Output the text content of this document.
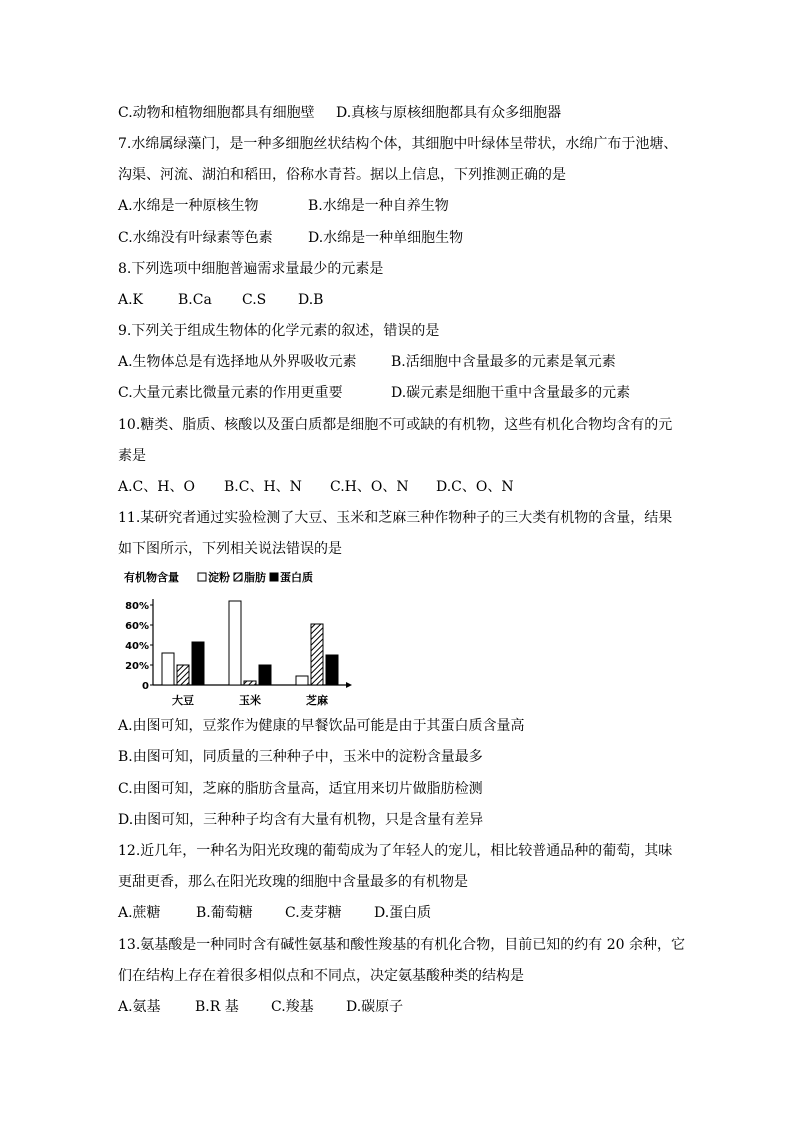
C.动物和植物细胞都具有细胞壁	D.真核与原核细胞都具有众多细胞器
7.水绵属绿藻门，是一种多细胞丝状结构个体，其细胞中叶绿体呈带状，水绵广布于池塘、
沟渠、河流、湖泊和稻田，俗称水青苔。据以上信息，下列推测正确的是
A.水绵是一种原核生物	B.水绵是一种自养生物
C.水绵没有叶绿素等色素	D.水绵是一种单细胞生物
8.下列选项中细胞普遍需求量最少的元素是
A.K	B.Ca	C.S	D.B
9.下列关于组成生物体的化学元素的叙述，错误的是
A.生物体总是有选择地从外界吸收元素	B.活细胞中含量最多的元素是氧元素
C.大量元素比微量元素的作用更重要	D.碳元素是细胞干重中含量最多的元素
10.糖类、脂质、核酸以及蛋白质都是细胞不可或缺的有机物，这些有机化合物均含有的元
素是
A.C、H、O	B.C、H、N	C.H、O、N	D.C、O、N
11.某研究者通过实验检测了大豆、玉米和芝麻三种作物种子的三大类有机物的含量，结果
如下图所示，下列相关说法错误的是
有机物含量	淀粉 脂肪 蛋白质
0
20%
40%
60%
80%
大豆	玉米	芝麻
A.由图可知，豆浆作为健康的早餐饮品可能是由于其蛋白质含量高
B.由图可知，同质量的三种种子中，玉米中的淀粉含量最多
C.由图可知，芝麻的脂肪含量高，适宜用来切片做脂肪检测
D.由图可知，三种种子均含有大量有机物，只是含量有差异
12.近几年，一种名为阳光玫瑰的葡萄成为了年轻人的宠儿，相比较普通品种的葡萄，其味
更甜更香，那么在阳光玫瑰的细胞中含量最多的有机物是
A.蔗糖	B.葡萄糖	C.麦芽糖	D.蛋白质
13.氨基酸是一种同时含有碱性氨基和酸性羧基的有机化合物，目前已知的约有 20 余种，它
们在结构上存在着很多相似点和不同点，决定氨基酸种类的结构是
A.氨基	B.R 基	C.羧基	D.碳原子
